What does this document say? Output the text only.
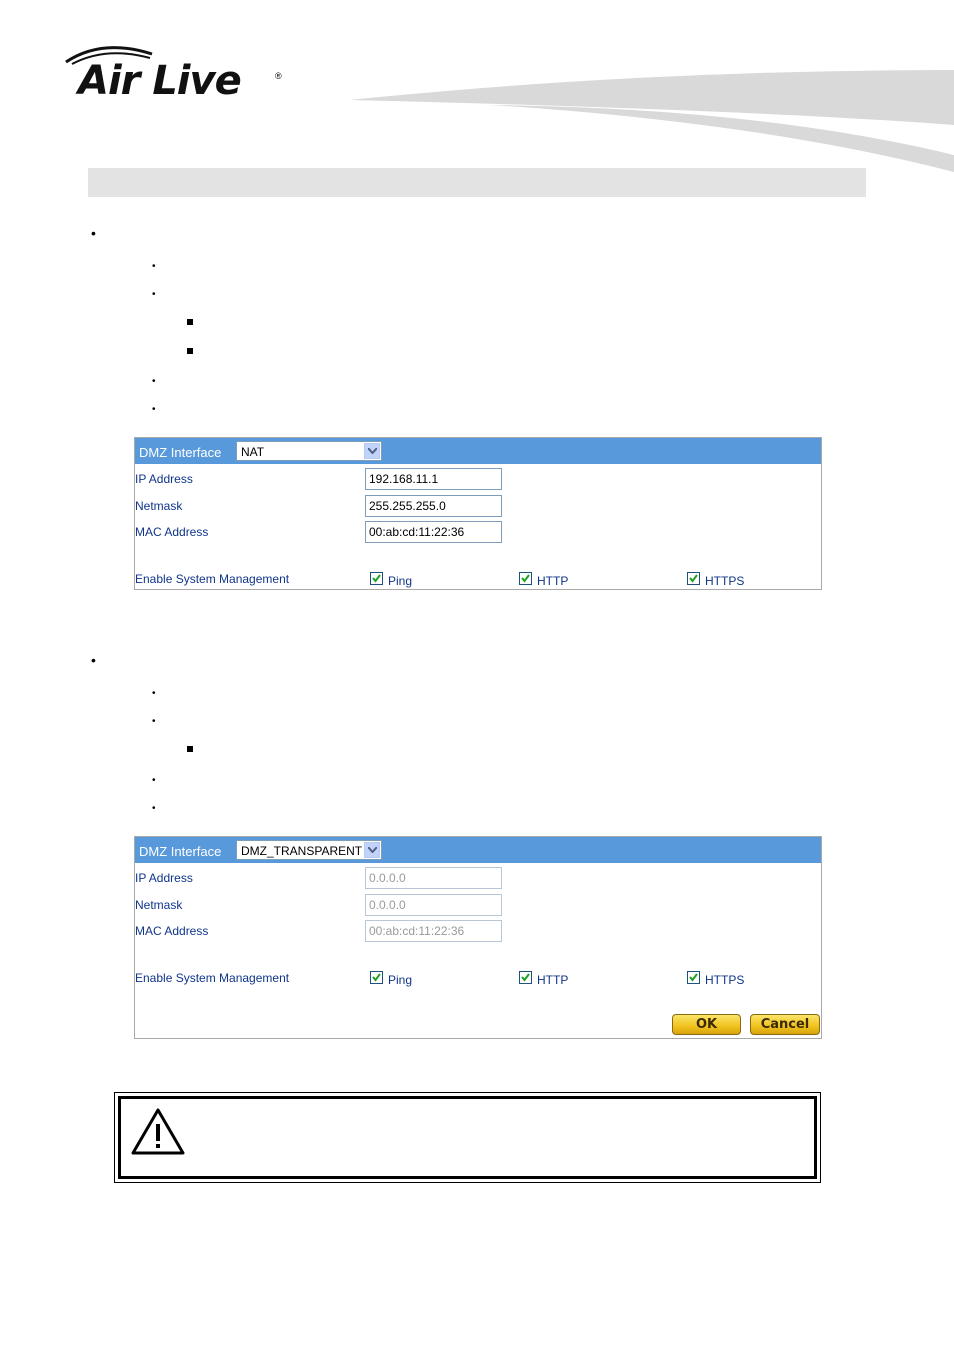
Air Live	®
•
•
•
•
•
DMZ Interface NAT
IP Address	192.168.11.1
Netmask	255.255.255.0
MAC Address	00:ab:cd:11:22:36
Enable System Management	Ping	HTTP	HTTPS
•
•
•
•
•
DMZ Interface DMZ_TRANSPARENT
IP Address	0.0.0.0
Netmask	0.0.0.0
MAC Address	00:ab:cd:11:22:36
Enable System Management	Ping	HTTP	HTTPS
OK	Cancel
